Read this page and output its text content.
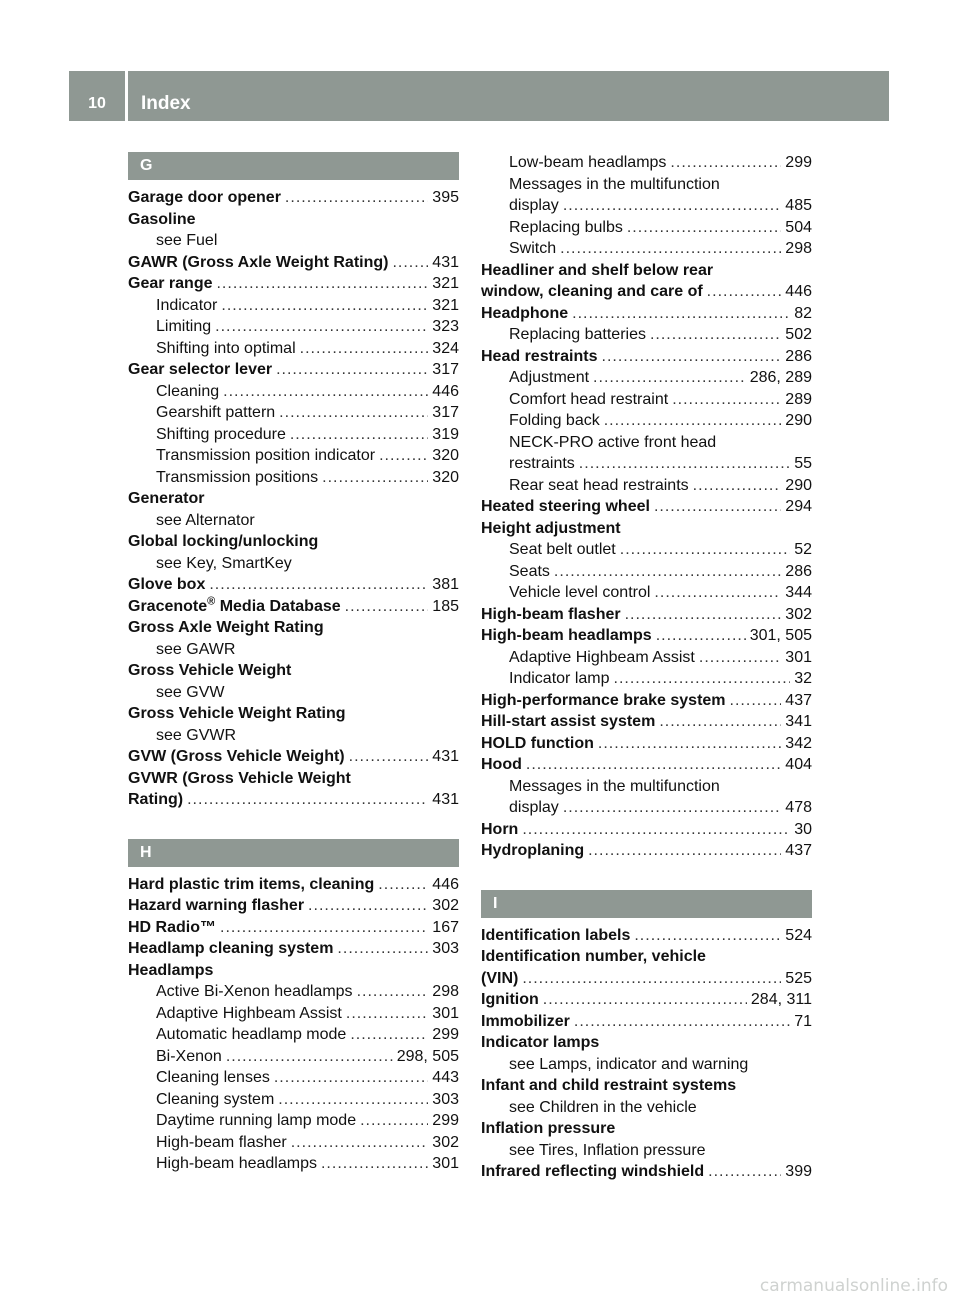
10	Index
G
Garage door opener .....	395
Gasoline
see Fuel
GAWR (Gross Axle Weight Rating) .....	431
Gear range .....	321
Indicator .....	321
Limiting .....	323
Shifting into optimal .....	324
Gear selector lever .....	317
Cleaning .....	446
Gearshift pattern .....	317
Shifting procedure .....	319
Transmission position indicator .....	320
Transmission positions .....	320
Generator
see Alternator
Global locking/unlocking
see Key, SmartKey
Glove box .....	381
Gracenote® Media Database .....	185
Gross Axle Weight Rating
see GAWR
Gross Vehicle Weight
see GVW
Gross Vehicle Weight Rating
see GVWR
GVW (Gross Vehicle Weight) .....	431
GVWR (Gross Vehicle Weight
Rating) .....	431
H
Hard plastic trim items, cleaning .....	446
Hazard warning flasher .....	302
HD Radio™ .....	167
Headlamp cleaning system .....	303
Headlamps
Active Bi-Xenon headlamps .....	298
Adaptive Highbeam Assist .....	301
Automatic headlamp mode .....	299
Bi-Xenon .....	298, 505
Cleaning lenses .....	443
Cleaning system .....	303
Daytime running lamp mode .....	299
High-beam flasher .....	302
High-beam headlamps .....	301
Low-beam headlamps .....	299
Messages in the multifunction
display .....	485
Replacing bulbs .....	504
Switch .....	298
Headliner and shelf below rear
window, cleaning and care of .....	446
Headphone .....	82
Replacing batteries .....	502
Head restraints .....	286
Adjustment .....	286, 289
Comfort head restraint .....	289
Folding back .....	290
NECK-PRO active front head
restraints .....	55
Rear seat head restraints .....	290
Heated steering wheel .....	294
Height adjustment
Seat belt outlet .....	52
Seats .....	286
Vehicle level control .....	344
High-beam flasher .....	302
High-beam headlamps .....	301, 505
Adaptive Highbeam Assist .....	301
Indicator lamp .....	32
High-performance brake system .....	437
Hill-start assist system .....	341
HOLD function .....	342
Hood .....	404
Messages in the multifunction
display .....	478
Horn .....	30
Hydroplaning .....	437
I
Identification labels .....	524
Identification number, vehicle
(VIN) .....	525
Ignition .....	284, 311
Immobilizer .....	71
Indicator lamps
see Lamps, indicator and warning
Infant and child restraint systems
see Children in the vehicle
Inflation pressure
see Tires, Inflation pressure
Infrared reflecting windshield .....	399
carmanualsonline.info
